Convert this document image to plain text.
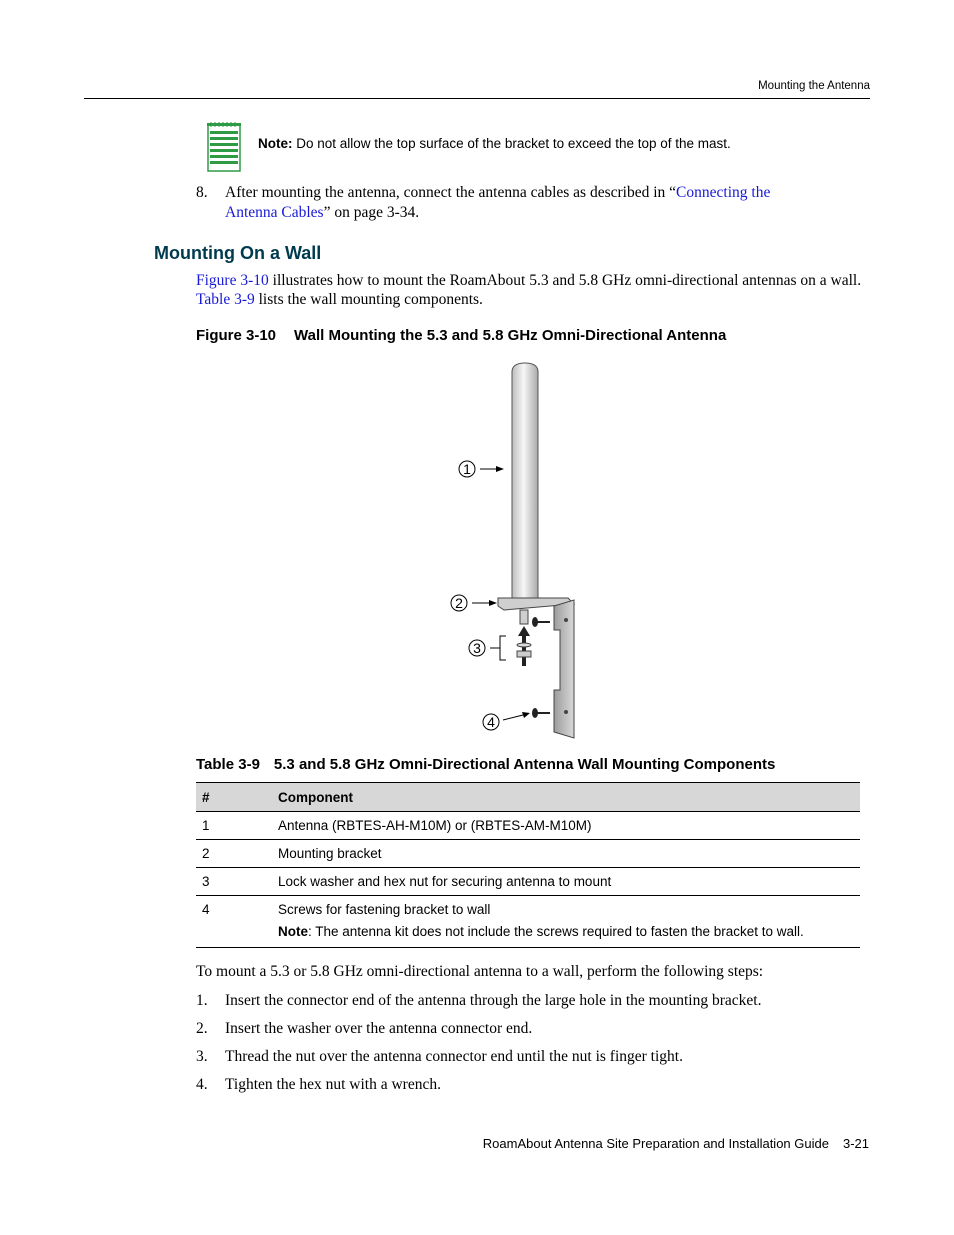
Mounting the Antenna
Note: Do not allow the top surface of the bracket to exceed the top of the mast.
8. After mounting the antenna, connect the antenna cables as described in “Connecting the
Antenna Cables” on page 3-34.
Mounting On a Wall
Figure 3-10 illustrates how to mount the RoamAbout 5.3 and 5.8 GHz omni-directional antennas on a wall. Table 3-9 lists the wall mounting components.
Figure 3-10 Wall Mounting the 5.3 and 5.8 GHz Omni-Directional Antenna
1
2
3
4
Table 3-9 5.3 and 5.8 GHz Omni-Directional Antenna Wall Mounting Components
#	Component
1	Antenna (RBTES-AH-M10M) or (RBTES-AM-M10M)
2	Mounting bracket
3	Lock washer and hex nut for securing antenna to mount
4	Screws for fastening bracket to wall
Note: The antenna kit does not include the screws required to fasten the bracket to wall.
To mount a 5.3 or 5.8 GHz omni-directional antenna to a wall, perform the following steps:
1. Insert the connector end of the antenna through the large hole in the mounting bracket.
2. Insert the washer over the antenna connector end.
3. Thread the nut over the antenna connector end until the nut is finger tight.
4. Tighten the hex nut with a wrench.
RoamAbout Antenna Site Preparation and Installation Guide 3-21
